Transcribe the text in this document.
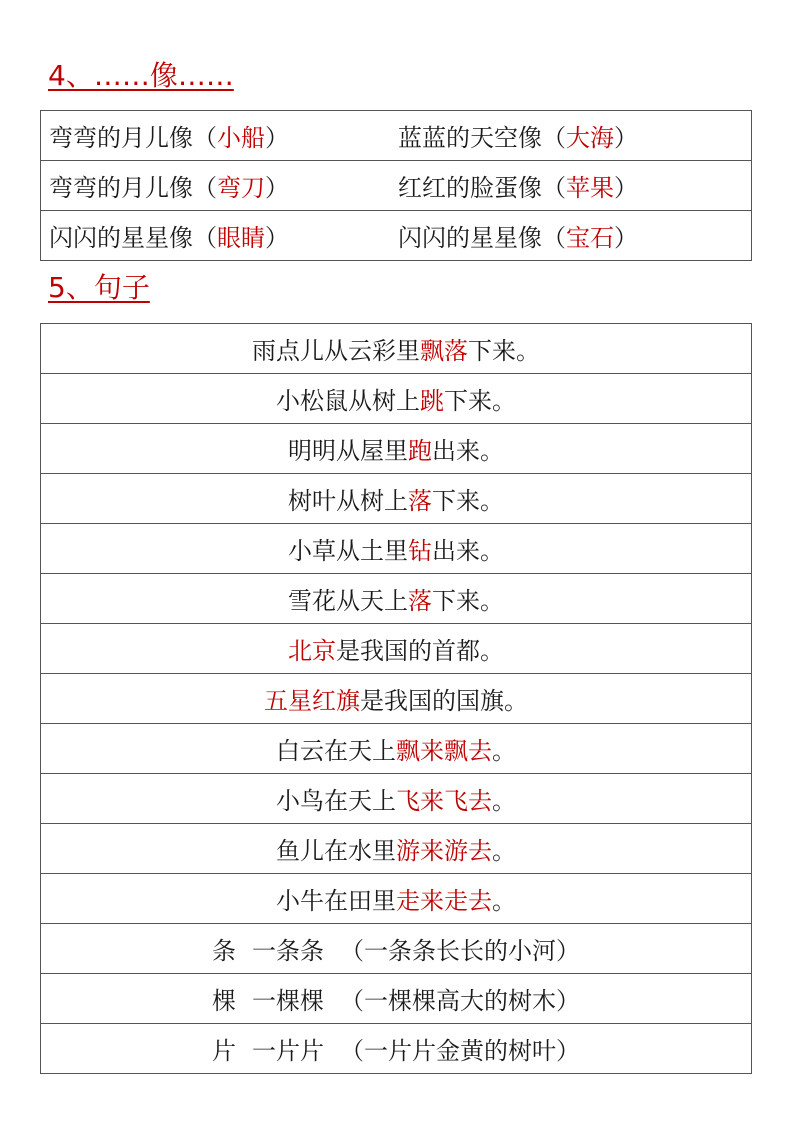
4、……像……
弯弯的月儿像（小船）	蓝蓝的天空像（大海）
弯弯的月儿像（弯刀）	红红的脸蛋像（苹果）
闪闪的星星像（眼睛）	闪闪的星星像（宝石）
5、句子
雨点儿从云彩里飘落下来。
小松鼠从树上跳下来。
明明从屋里跑出来。
树叶从树上落下来。
小草从土里钻出来。
雪花从天上落下来。
北京是我国的首都。
五星红旗是我国的国旗。
白云在天上飘来飘去。
小鸟在天上飞来飞去。
鱼儿在水里游来游去。
小牛在田里走来走去。
条 一条条 （一条条长长的小河）
棵 一棵棵 （一棵棵高大的树木）
片 一片片 （一片片金黄的树叶）
